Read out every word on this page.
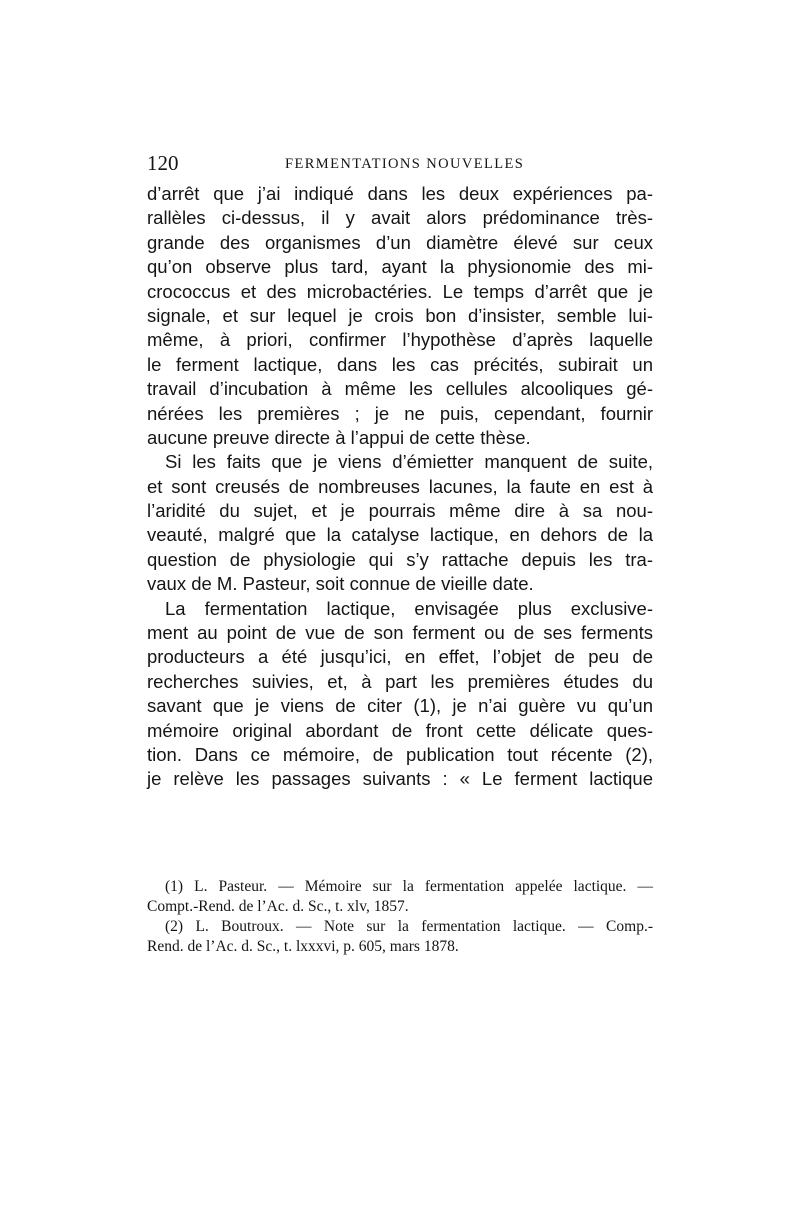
120	FERMENTATIONS NOUVELLES
d’arrêt que j’ai indiqué dans les deux expériences pa-
rallèles ci-dessus, il y avait alors prédominance très-
grande des organismes d’un diamètre élevé sur ceux
qu’on observe plus tard, ayant la physionomie des mi-
crococcus et des microbactéries. Le temps d’arrêt que je
signale, et sur lequel je crois bon d’insister, semble lui-
même, à priori, confirmer l’hypothèse d’après laquelle
le ferment lactique, dans les cas précités, subirait un
travail d’incubation à même les cellules alcooliques gé-
nérées les premières ; je ne puis, cependant, fournir
aucune preuve directe à l’appui de cette thèse.
Si les faits que je viens d’émietter manquent de suite,
et sont creusés de nombreuses lacunes, la faute en est à
l’aridité du sujet, et je pourrais même dire à sa nou-
veauté, malgré que la catalyse lactique, en dehors de la
question de physiologie qui s’y rattache depuis les tra-
vaux de M. Pasteur, soit connue de vieille date.
La fermentation lactique, envisagée plus exclusive-
ment au point de vue de son ferment ou de ses ferments
producteurs a été jusqu’ici, en effet, l’objet de peu de
recherches suivies, et, à part les premières études du
savant que je viens de citer (1), je n’ai guère vu qu’un
mémoire original abordant de front cette délicate ques-
tion. Dans ce mémoire, de publication tout récente (2),
je relève les passages suivants : « Le ferment lactique
(1) L. Pasteur. — Mémoire sur la fermentation appelée lactique. —
Compt.-Rend. de l’Ac. d. Sc., t. xlv, 1857.
(2) L. Boutroux. — Note sur la fermentation lactique. — Comp.-
Rend. de l’Ac. d. Sc., t. lxxxvi, p. 605, mars 1878.
